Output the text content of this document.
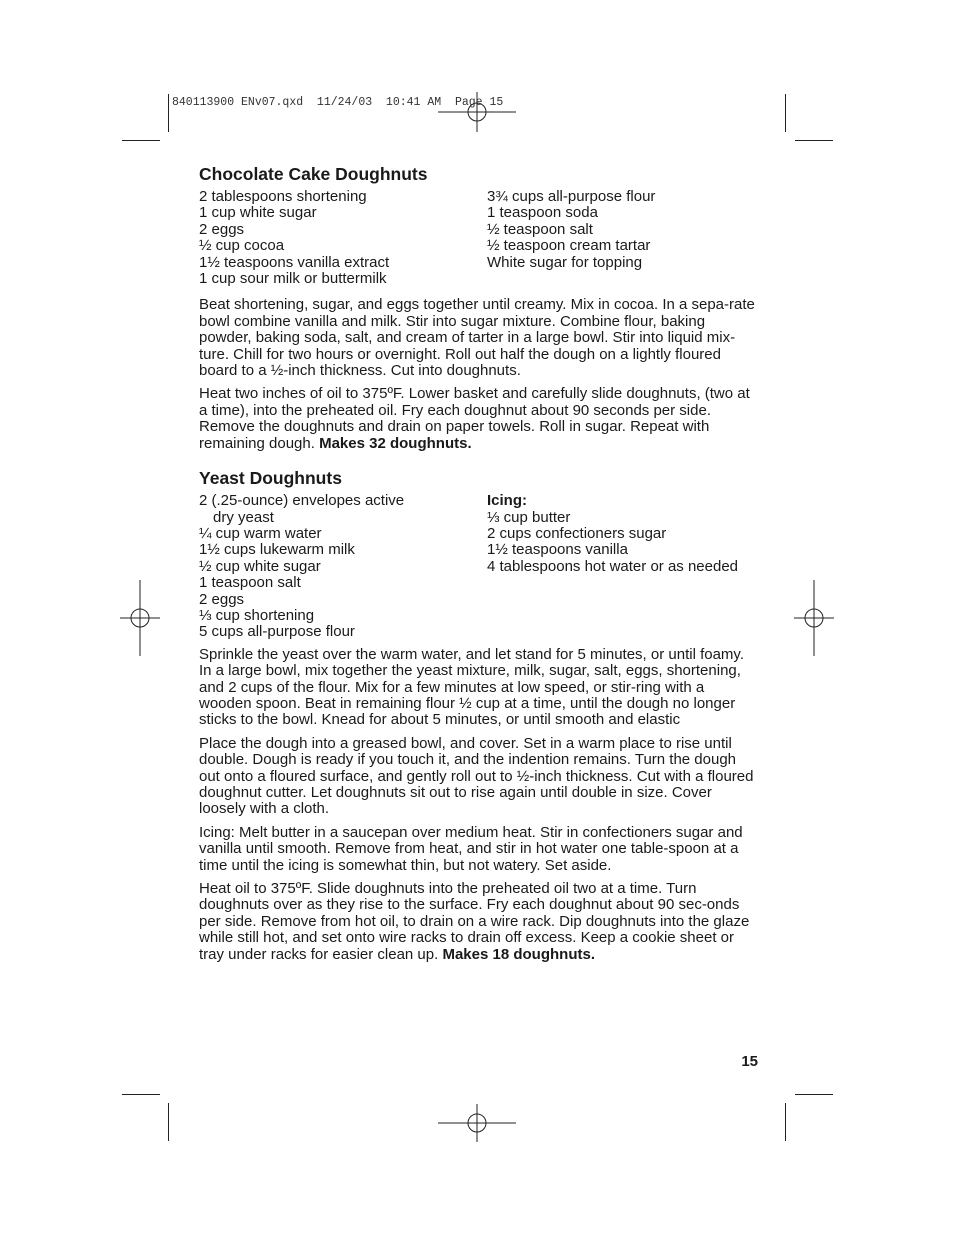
840113900 ENv07.qxd  11/24/03  10:41 AM  Page 15
Chocolate Cake Doughnuts

2 tablespoons shortening

1 cup white sugar

2 eggs

½ cup cocoa

1½ teaspoons vanilla extract

1 cup sour milk or buttermilk

3¾ cups all-purpose flour

1 teaspoon soda

½ teaspoon salt

½ teaspoon cream tartar

White sugar for topping

Beat shortening, sugar, and eggs together until creamy. Mix in cocoa. In a sepa-rate bowl combine vanilla and milk. Stir into sugar mixture. Combine flour, baking powder, baking soda, salt, and cream of tarter in a large bowl. Stir into liquid mix-ture. Chill for two hours or overnight. Roll out half the dough on a lightly floured board to a ½-inch thickness. Cut into doughnuts.

Heat two inches of oil to 375ºF. Lower basket and carefully slide doughnuts, (two at a time), into the preheated oil. Fry each doughnut about 90 seconds per side. Remove the doughnuts and drain on paper towels. Roll in sugar. Repeat with remaining dough. Makes 32 doughnuts.

Yeast Doughnuts

2 (.25-ounce) envelopes active

dry yeast

¼ cup warm water

1½ cups lukewarm milk

½ cup white sugar

1 teaspoon salt

2 eggs

⅓ cup shortening

5 cups all-purpose flour

Icing:

⅓ cup butter

2 cups confectioners sugar

1½ teaspoons vanilla

4 tablespoons hot water or as needed

Sprinkle the yeast over the warm water, and let stand for 5 minutes, or until foamy. In a large bowl, mix together the yeast mixture, milk, sugar, salt, eggs, shortening, and 2 cups of the flour. Mix for a few minutes at low speed, or stir-ring with a wooden spoon. Beat in remaining flour ½ cup at a time, until the dough no longer sticks to the bowl. Knead for about 5 minutes, or until smooth and elastic

Place the dough into a greased bowl, and cover. Set in a warm place to rise until double. Dough is ready if you touch it, and the indention remains. Turn the dough out onto a floured surface, and gently roll out to ½-inch thickness. Cut with a floured doughnut cutter. Let doughnuts sit out to rise again until double in size. Cover loosely with a cloth.

Icing: Melt butter in a saucepan over medium heat. Stir in confectioners sugar and vanilla until smooth. Remove from heat, and stir in hot water one table-spoon at a time until the icing is somewhat thin, but not watery. Set aside.

Heat oil to 375ºF. Slide doughnuts into the preheated oil two at a time. Turn doughnuts over as they rise to the surface. Fry each doughnut about 90 sec-onds per side. Remove from hot oil, to drain on a wire rack. Dip doughnuts into the glaze while still hot, and set onto wire racks to drain off excess. Keep a cookie sheet or tray under racks for easier clean up. Makes 18 doughnuts.

15
